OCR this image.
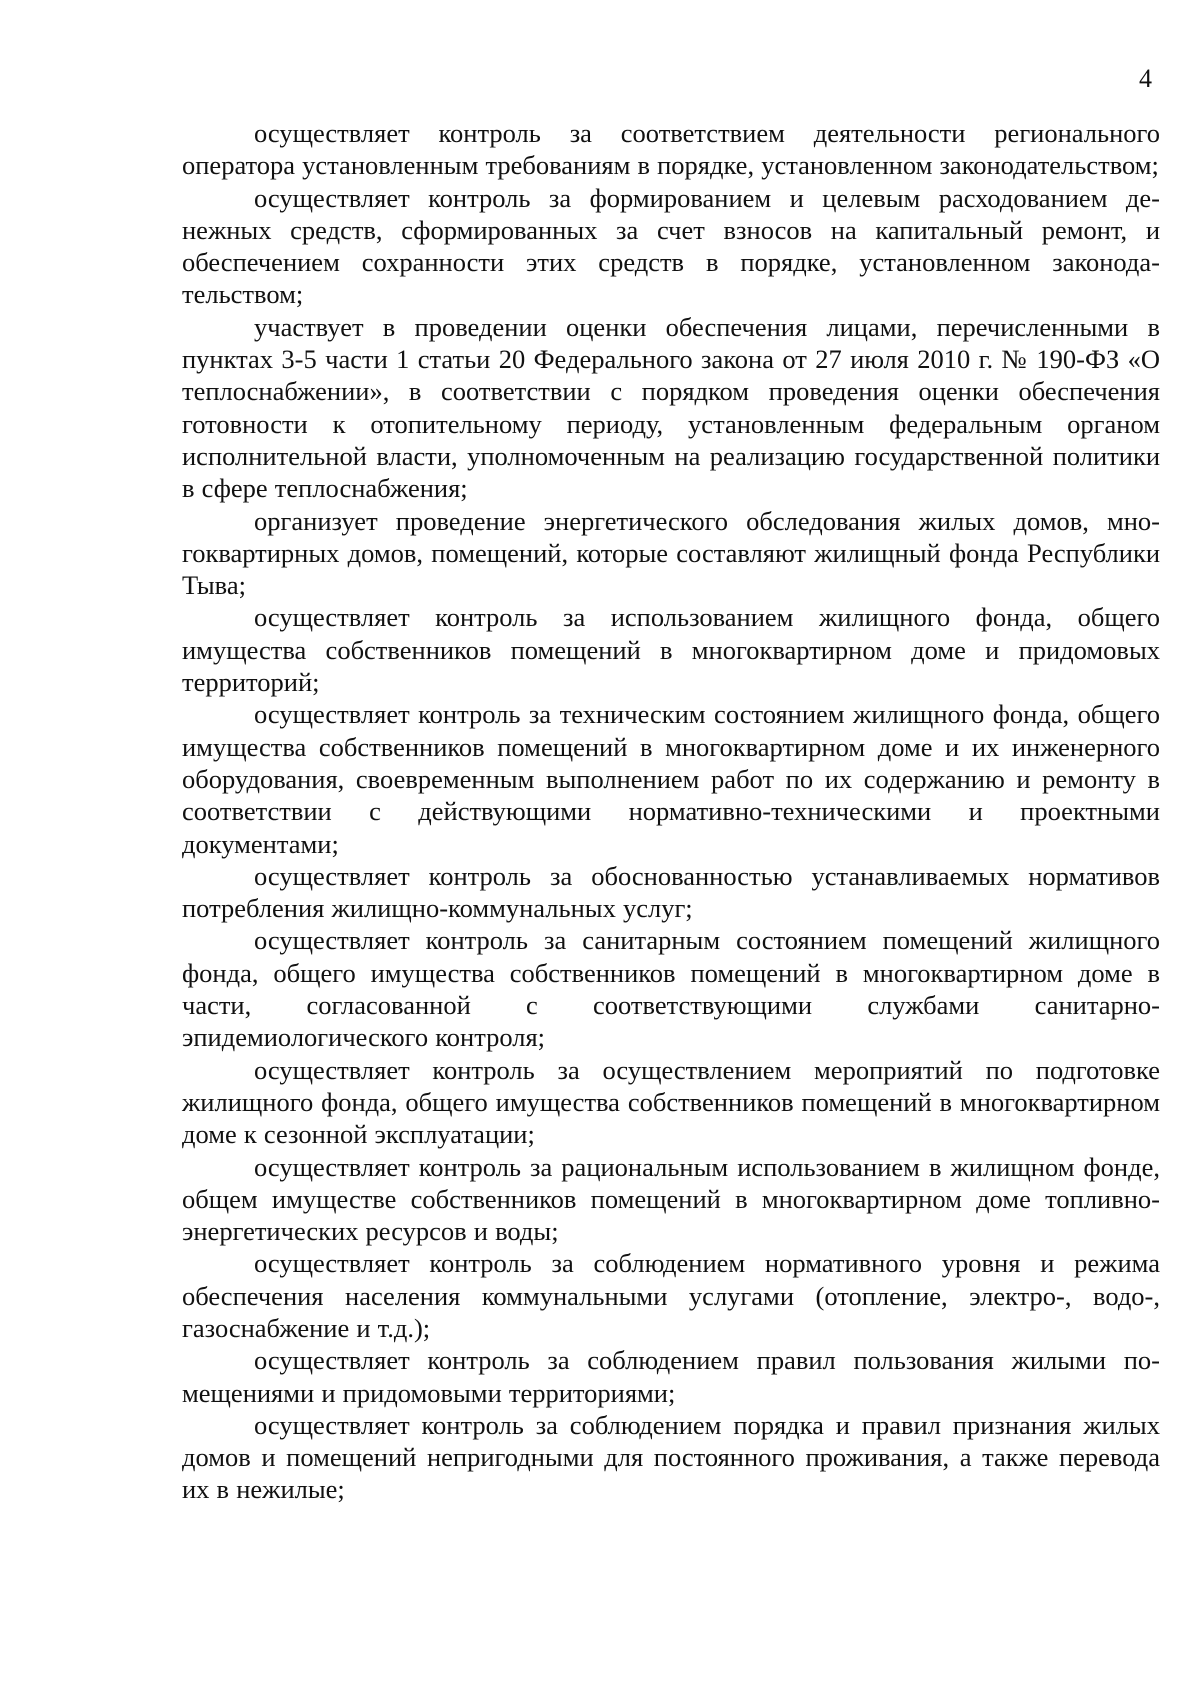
4

осуществляет контроль за соответствием деятельности регионального оператора установленным требованиям в порядке, установленном законодательством;

осуществляет контроль за формированием и целевым расходованием денежных средств, сформированных за счет взносов на капитальный ремонт, и обеспечением сохранности этих средств в порядке, установленном законодательством;

участвует в проведении оценки обеспечения лицами, перечисленными в пунктах 3-5 части 1 статьи 20 Федерального закона от 27 июля 2010 г. № 190-ФЗ «О теплоснабжении», в соответствии с порядком проведения оценки обеспечения готовности к отопительному периоду, установленным федеральным органом исполнительной власти, уполномоченным на реализацию государственной политики в сфере теплоснабжения;

организует проведение энергетического обследования жилых домов, многоквартирных домов, помещений, которые составляют жилищный фонда Республики Тыва;

осуществляет контроль за использованием жилищного фонда, общего имущества собственников помещений в многоквартирном доме и придомовых территорий;

осуществляет контроль за техническим состоянием жилищного фонда, общего имущества собственников помещений в многоквартирном доме и их инженерного оборудования, своевременным выполнением работ по их содержанию и ремонту в соответствии с действующими нормативно-техническими и проектными документами;

осуществляет контроль за обоснованностью устанавливаемых нормативов потребления жилищно-коммунальных услуг;

осуществляет контроль за санитарным состоянием помещений жилищного фонда, общего имущества собственников помещений в многоквартирном доме в части, согласованной с соответствующими службами санитарно-эпидемиологического контроля;

осуществляет контроль за осуществлением мероприятий по подготовке жилищного фонда, общего имущества собственников помещений в многоквартирном доме к сезонной эксплуатации;

осуществляет контроль за рациональным использованием в жилищном фонде, общем имуществе собственников помещений в многоквартирном доме топливно-энергетических ресурсов и воды;

осуществляет контроль за соблюдением нормативного уровня и режима обеспечения населения коммунальными услугами (отопление, электро-, водо-, газоснабжение и т.д.);

осуществляет контроль за соблюдением правил пользования жилыми помещениями и придомовыми территориями;

осуществляет контроль за соблюдением порядка и правил признания жилых домов и помещений непригодными для постоянного проживания, а также перевода их в нежилые;
